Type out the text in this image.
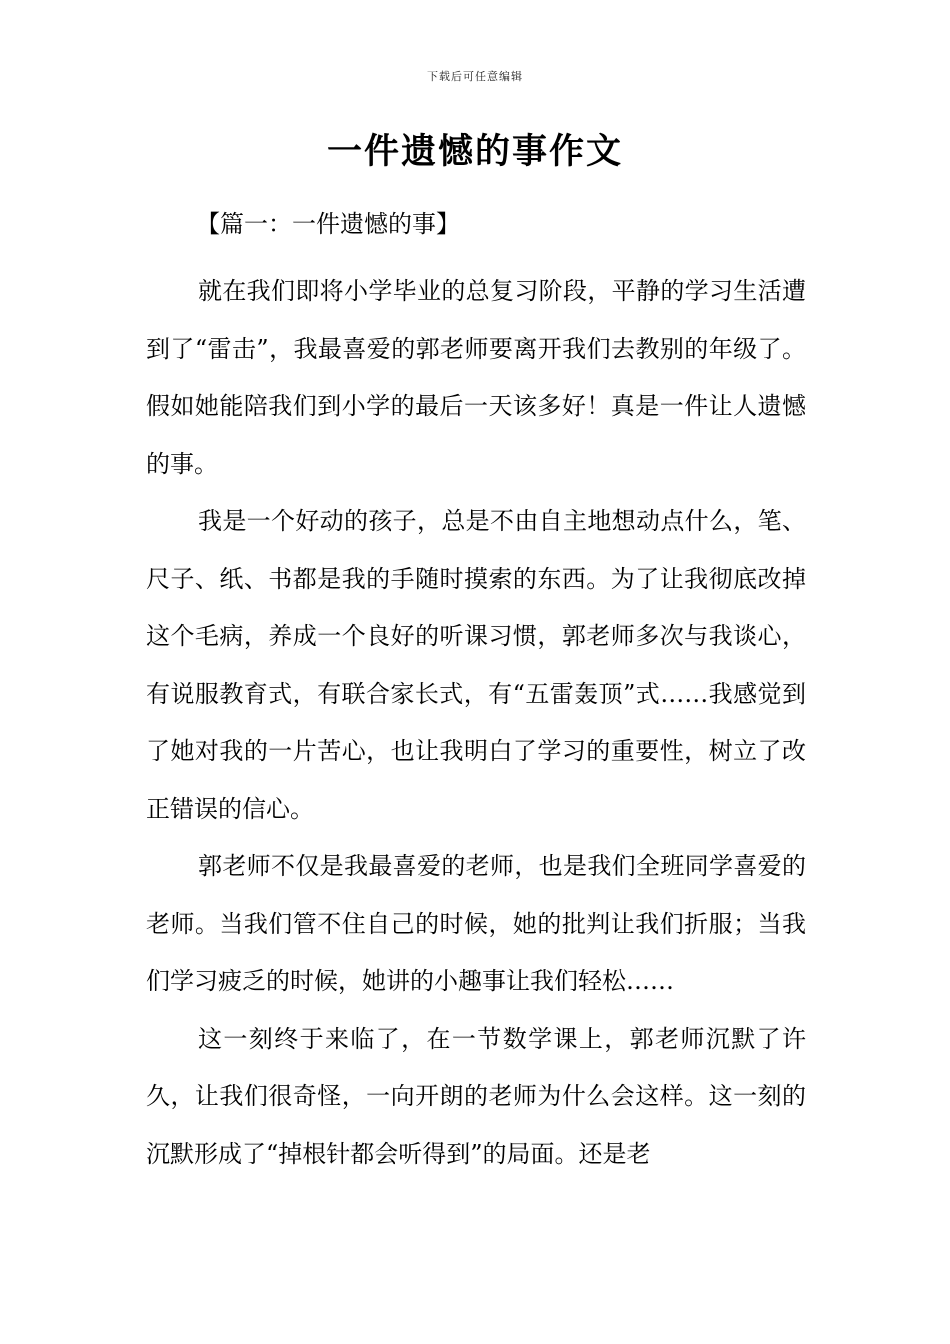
下载后可任意编辑
一件遗憾的事作文
【篇一：一件遗憾的事】

就在我们即将小学毕业的总复习阶段，平静的学习生活遭到了“雷击”，我最喜爱的郭老师要离开我们去教别的年级了。假如她能陪我们到小学的最后一天该多好！真是一件让人遗憾的事。

我是一个好动的孩子，总是不由自主地想动点什么，笔、尺子、纸、书都是我的手随时摸索的东西。为了让我彻底改掉这个毛病，养成一个良好的听课习惯，郭老师多次与我谈心，有说服教育式，有联合家长式，有“五雷轰顶”式……我感觉到了她对我的一片苦心，也让我明白了学习的重要性，树立了改正错误的信心。

郭老师不仅是我最喜爱的老师，也是我们全班同学喜爱的老师。当我们管不住自己的时候，她的批判让我们折服；当我们学习疲乏的时候，她讲的小趣事让我们轻松……

这一刻终于来临了，在一节数学课上，郭老师沉默了许久，让我们很奇怪，一向开朗的老师为什么会这样。这一刻的沉默形成了“掉根针都会听得到”的局面。还是老
